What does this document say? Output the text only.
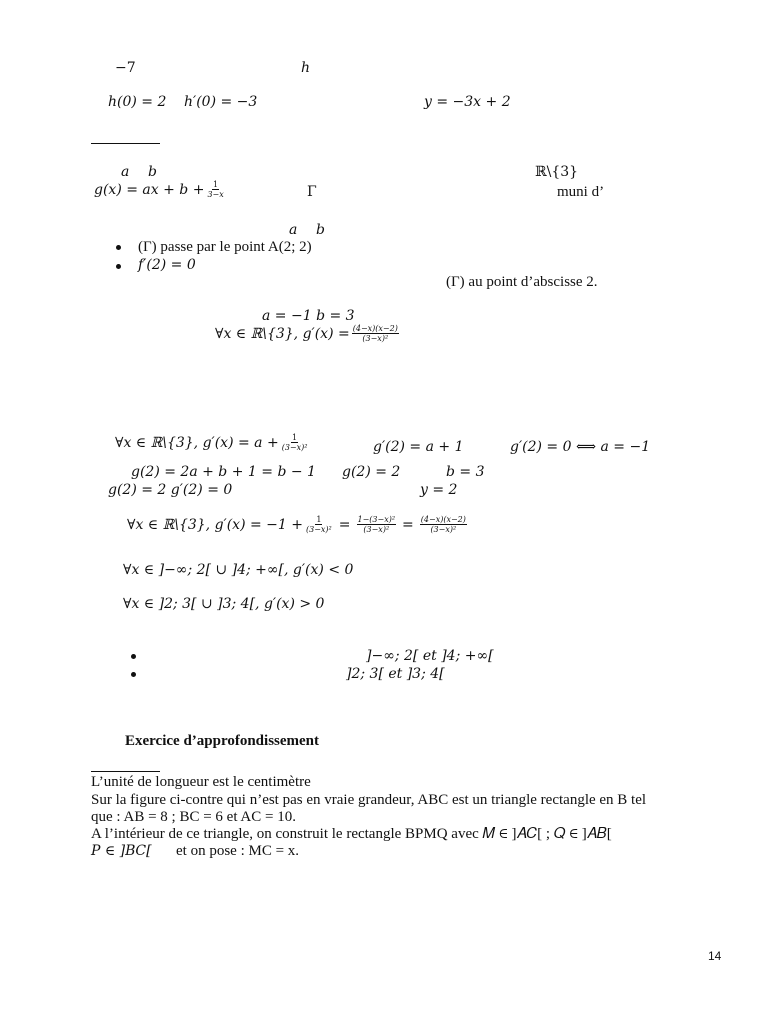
−7	ℎ
ℎ(0) = 2 ℎ′(0) = −3	𝑦 = −3𝑥 + 2
𝑎 𝑏	ℝ\{3}
𝑔(𝑥) = 𝑎𝑥 + 𝑏 + $\frac{1}{\text{3−𝑥}}$	Γ	muni d’
𝑎 𝑏
(Γ) passe par le point A(2; 2)
𝑓′(2) = 0
(Γ) au point d’abscisse 2.
𝑎 = −1 𝑏 = 3
∀𝑥 ∈ ℝ\{3}, 𝑔′(𝑥) = $\frac{\text{(4−𝑥)(𝑥−2)}}{\text{(3−𝑥)²}}$
∀𝑥 ∈ ℝ\{3}, 𝑔′(𝑥) = 𝑎 + $\frac{1}{\text{(3−𝑥)²}}$	𝑔′(2) = 𝑎 + 1	𝑔′(2) = 0 ⟺ 𝑎 = −1
𝑔(2) = 2𝑎 + 𝑏 + 1 = 𝑏 − 1 𝑔(2) = 2	𝑏 = 3
𝑔(2) = 2 𝑔′(2) = 0	𝑦 = 2
∀𝑥 ∈ ℝ\{3}, 𝑔′(𝑥) = $-1 + \frac{1}{\text{(3−𝑥)²}} = \frac{\text{1−(3−𝑥)²}}{\text{(3−𝑥)²}} = \frac{\text{(4−𝑥)(𝑥−2)}}{\text{(3−𝑥)²}}$
∀𝑥 ∈ ]−∞; 2[ ∪ ]4; +∞[, 𝑔′(𝑥) < 0
∀𝑥 ∈ ]2; 3[ ∪ ]3; 4[, 𝑔′(𝑥) > 0
]−∞; 2[ 𝑒𝑡 ]4; +∞[
]2; 3[ 𝑒𝑡 ]3; 4[
Exercice d’approfondissement
L’unité de longueur est le centimètre
Sur la figure ci-contre qui n’est pas en vraie grandeur, ABC est un triangle rectangle en B tel
que : AB = 8 ; BC = 6 et AC = 10.
A l’intérieur de ce triangle, on construit le rectangle BPMQ avec 𝑀 ∈ ]𝐴𝐶[ ; 𝑄 ∈ ]𝐴𝐵[
𝑃 ∈ ]𝐵𝐶[ et on pose : MC = x.
14
